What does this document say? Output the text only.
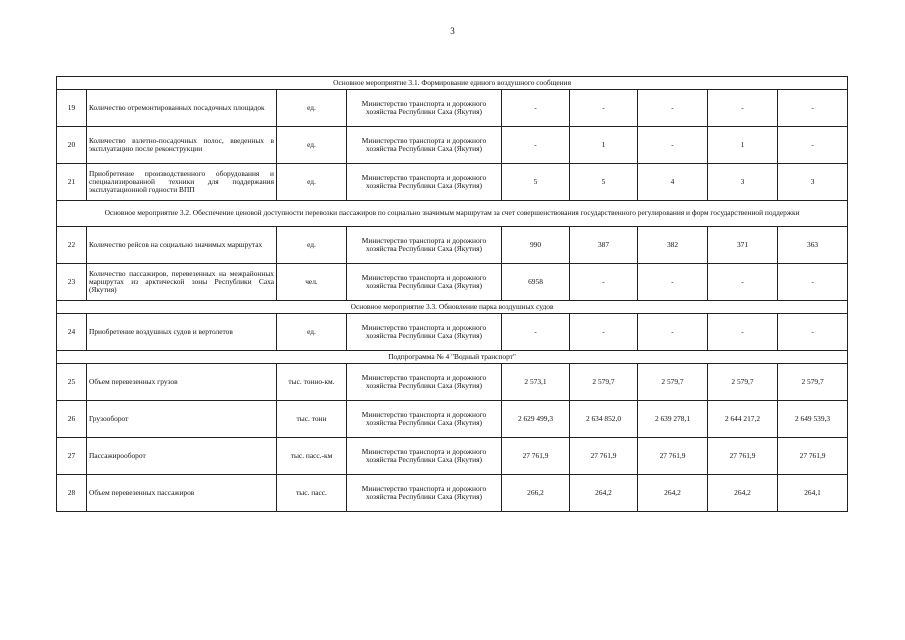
3
Основное мероприятие 3.1. Формирование единого воздушного сообщения								
19	Количество отремонтированных посадочных площадок	ед.	Министерство транспорта и дорожного хозяйства Республики Саха (Якутия)	-	-	-	-	-
20	Количество взлетно-посадочных полос, введенных в эксплуатацию после реконструкции	ед.	Министерство транспорта и дорожного хозяйства Республики Саха (Якутия)	-	1	-	1	-
21	Приобретение производственного оборудования и специализированной техники для поддержания эксплуатационной годности ВПП	ед.	Министерство транспорта и дорожного хозяйства Республики Саха (Якутия)	5	5	4	3	3
Основное мероприятие 3.2. Обеспечение ценовой доступности перевозки пассажиров по социально значимым маршрутам за счет совершенствования государственного регулирования и форм государственной поддержки								
22	Количество рейсов на социально значимых маршрутах	ед.	Министерство транспорта и дорожного хозяйства Республики Саха (Якутия)	990	387	382	371	363
23	Количество пассажиров, перевезенных на межрайонных маршрутах из арктической зоны Республики Саха (Якутия)	чел.	Министерство транспорта и дорожного хозяйства Республики Саха (Якутия)	6958	-	-	-	-
Основное мероприятие 3.3. Обновление парка воздушных судов								
24	Приобретение воздушных судов и вертолетов	ед.	Министерство транспорта и дорожного хозяйства Республики Саха (Якутия)	-	-	-	-	-
Подпрограмма № 4 "Водный транспорт"								
25	Объем перевезенных грузов	тыс. тонно-км.	Министерство транспорта и дорожного хозяйства Республики Саха (Якутия)	2 573,1	2 579,7	2 579,7	2 579,7	2 579,7
26	Грузооборот	тыс. тонн	Министерство транспорта и дорожного хозяйства Республики Саха (Якутия)	2 629 499,3	2 634 852,0	2 639 278,1	2 644 217,2	2 649 539,3
27	Пассажирооборот	тыс. пасс.-км	Министерство транспорта и дорожного хозяйства Республики Саха (Якутия)	27 761,9	27 761,9	27 761,9	27 761,9	27 761,9
28	Объем перевезенных пассажиров	тыс. пасс.	Министерство транспорта и дорожного хозяйства Республики Саха (Якутия)	266,2	264,2	264,2	264,2	264,1
